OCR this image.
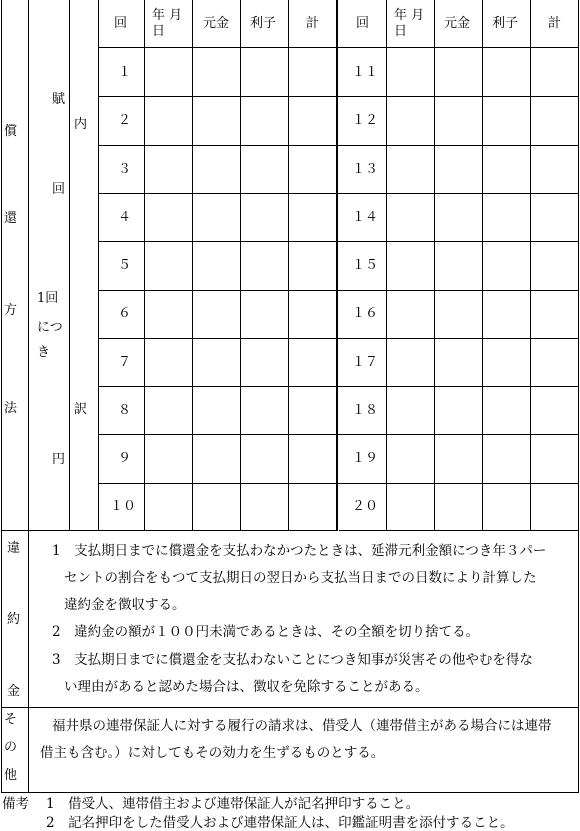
償
還
方
法
賦
回
1回
につ
き
円
内
訳
回
年 月
日
元金 利子 計	回
年 月
日
元金 利子 計
１
２
３
４
５
６
７
８
９
１０
１１
１２
１３
１４
１５
１６
１７
１８
１９
２０
違
約
金
1　支払期日までに償還金を支払わなかつたときは、延滞元利金額につき年３パー
セントの割合をもつて支払期日の翌日から支払当日までの日数により計算した
違約金を徴収する。
2　違約金の額が１００円未満であるときは、その全額を切り捨てる。
3　支払期日までに償還金を支払わないことにつき知事が災害その他やむを得な
い理由があると認めた場合は、徴収を免除することがある。
そ
の
他
福井県の連帯保証人に対する履行の請求は、借受人（連帯借主がある場合には連帯
借主も含む。）に対してもその効力を生ずるものとする。
備考 1　借受人、連帯借主および連帯保証人が記名押印すること。
2　記名押印をした借受人および連帯保証人は、印鑑証明書を添付すること。
